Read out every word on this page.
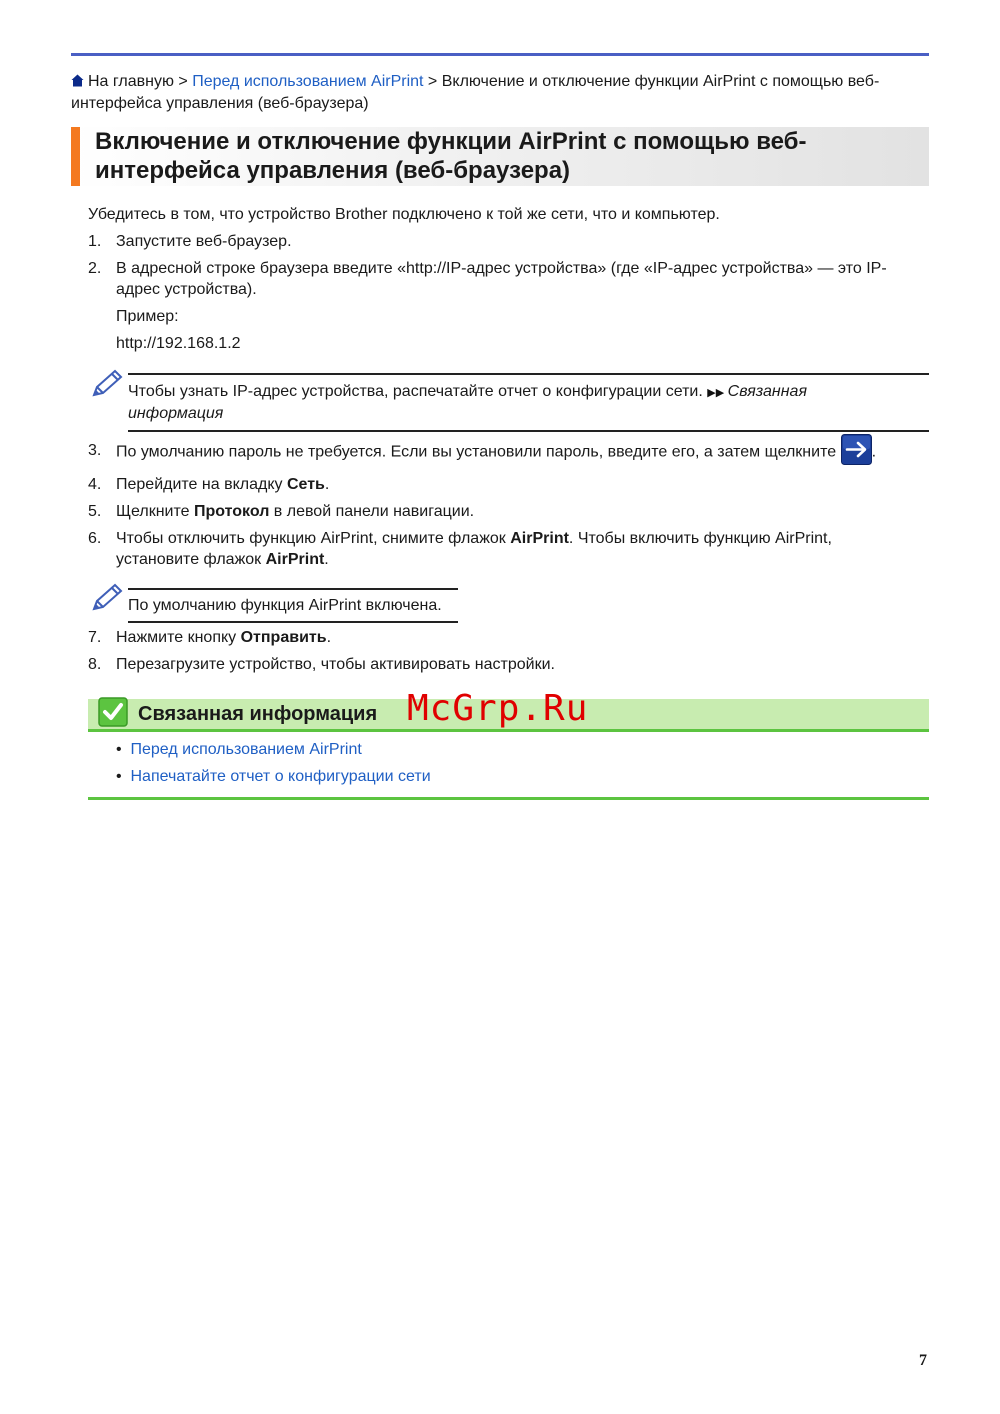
На главную > Перед использованием AirPrint > Включение и отключение функции AirPrint с помощью веб-интерфейса управления (веб-браузера)
Включение и отключение функции AirPrint с помощью веб-
интерфейса управления (веб-браузера)
Убедитесь в том, что устройство Brother подключено к той же сети, что и компьютер.
1. Запустите веб-браузер.
2. В адресной строке браузера введите «http://IP-адрес устройства» (где «IP-адрес устройства» — это IP-
адрес устройства).
Пример:
http://192.168.1.2
Чтобы узнать IP-адрес устройства, распечатайте отчет о конфигурации сети. ▶▶ Связанная
информация
3. По умолчанию пароль не требуется. Если вы установили пароль, введите его, а затем щелкните .
4. Перейдите на вкладку Сеть.
5. Щелкните Протокол в левой панели навигации.
6. Чтобы отключить функцию AirPrint, снимите флажок AirPrint. Чтобы включить функцию AirPrint,
установите флажок AirPrint.
По умолчанию функция AirPrint включена.
7. Нажмите кнопку Отправить.
8. Перезагрузите устройство, чтобы активировать настройки.
Связанная информация McGrp.Ru
•  Перед использованием AirPrint
•  Напечатайте отчет о конфигурации сети
7
